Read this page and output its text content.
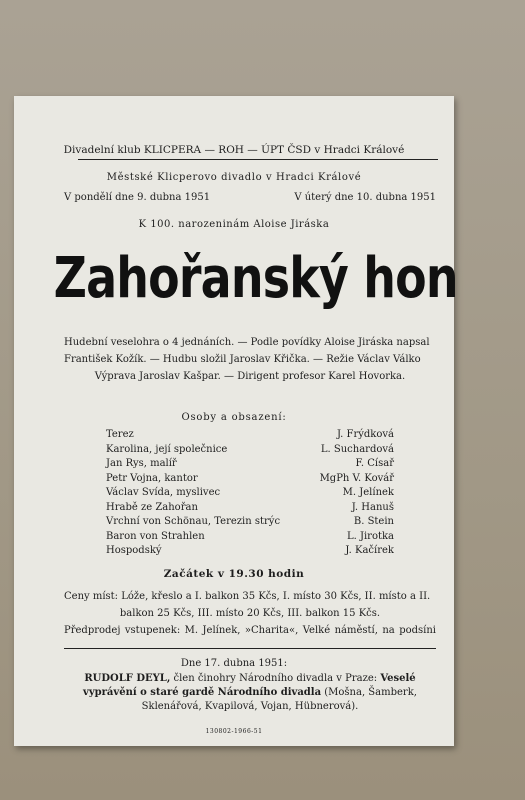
Divadelní klub KLICPERA — ROH — ÚPT ČSD v Hradci Králové
Městské Klicperovo divadlo v Hradci Králové
V pondělí dne 9. dubna 1951	V úterý dne 10. dubna 1951
K 100. narozeninám Aloise Jiráska
Zahořanský hon
Hudební veselohra o 4 jednáních. — Podle povídky Aloise Jiráska napsal
František Kožík. — Hudbu složil Jaroslav Křička. — Režie Václav Válko
Výprava Jaroslav Kašpar. — Dirigent profesor Karel Hovorka.
Osoby a obsazení:
Terez	J. Frýdková
Karolina, její společnice	L. Suchardová
Jan Rys, malíř	F. Císař
Petr Vojna, kantor	MgPh V. Kovář
Václav Svída, myslivec	M. Jelínek
Hrabě ze Zahořan	J. Hanuš
Vrchní von Schönau, Terezin strýc	B. Stein
Baron von Strahlen	L. Jirotka
Hospodský	J. Kačírek
Začátek v 19.30 hodin
Ceny míst: Lóže, křeslo a I. balkon 35 Kčs, I. místo 30 Kčs, II. místo a II.
balkon 25 Kčs, III. místo 20 Kčs, III. balkon 15 Kčs.
Předprodej vstupenek: M. Jelínek, »Charita«, Velké náměstí, na podsíni
Dne 17. dubna 1951:
RUDOLF DEYL, člen činohry Národního divadla v Praze: Veselé vyprávění o staré gardě Národního divadla (Mošna, Šamberk, Sklenářová, Kvapilová, Vojan, Hübnerová).
130802-1966-51
